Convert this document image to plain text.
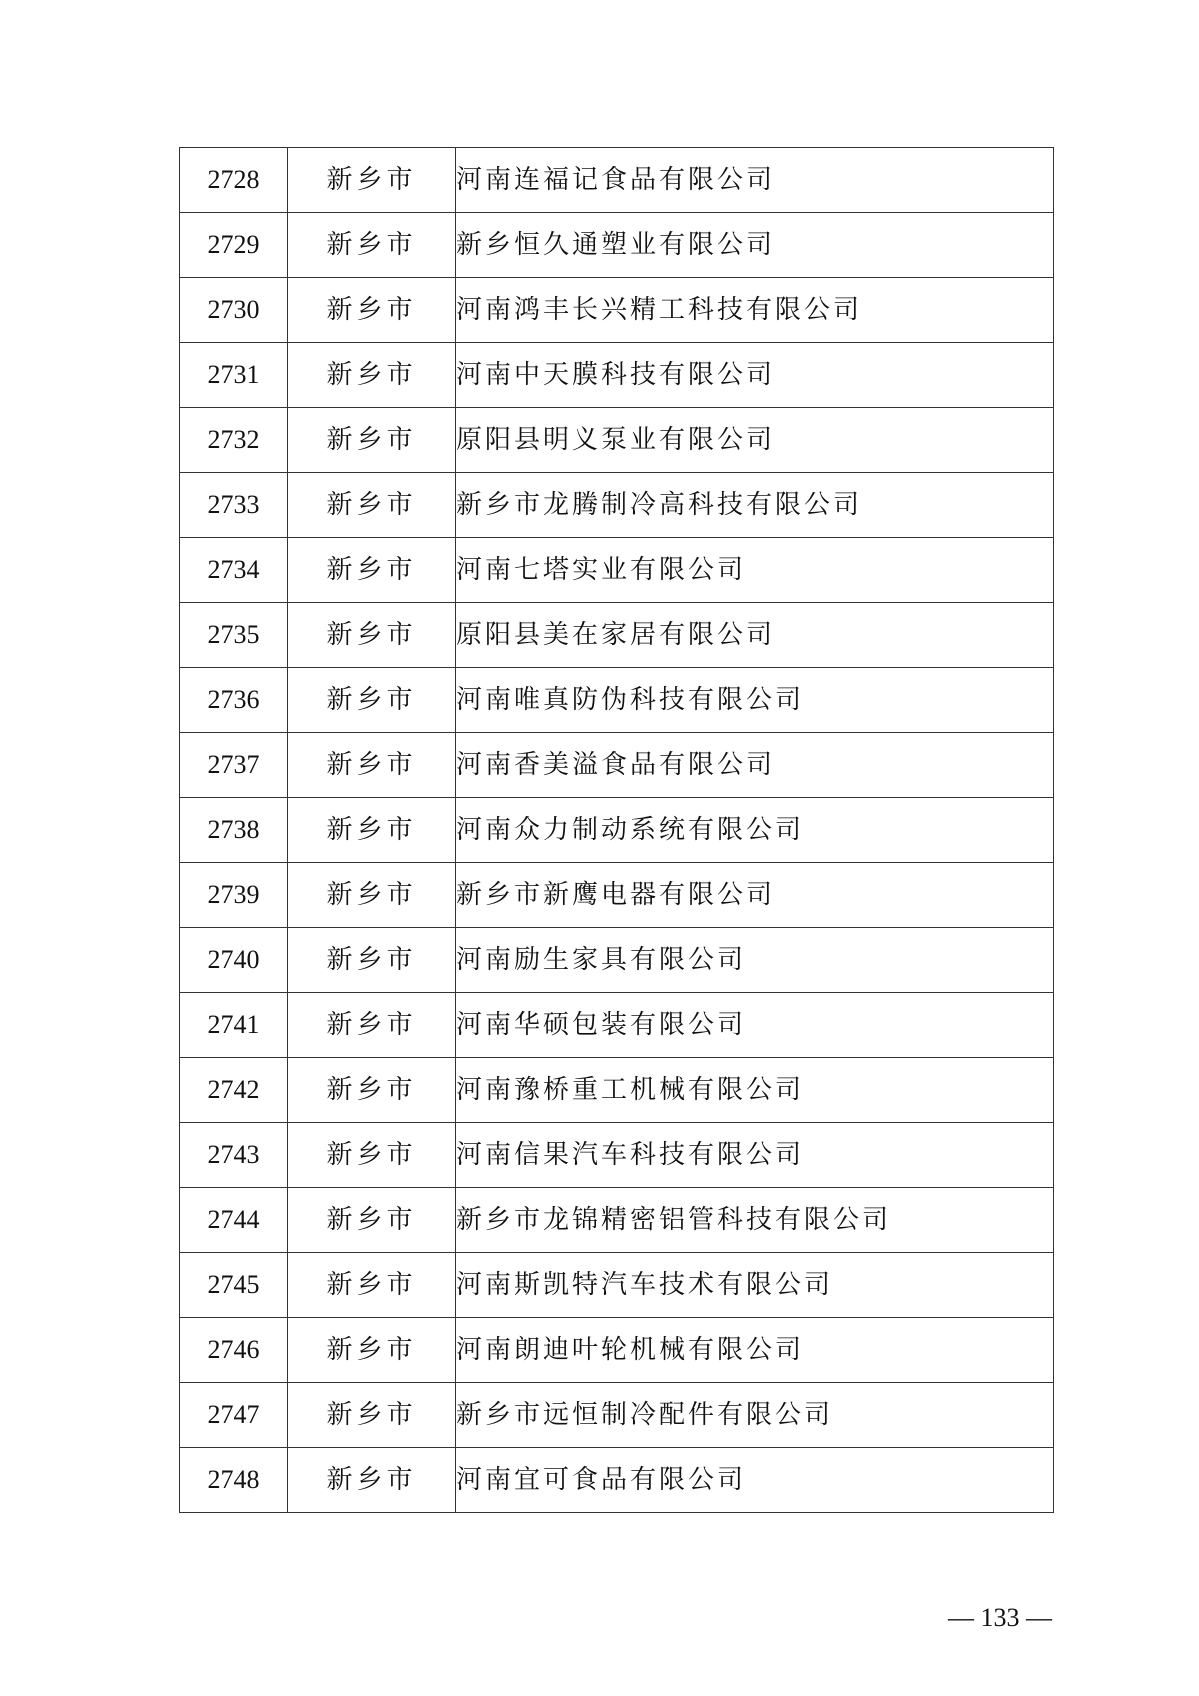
2728	新乡市	河南连福记食品有限公司
2729	新乡市	新乡恒久通塑业有限公司
2730	新乡市	河南鸿丰长兴精工科技有限公司
2731	新乡市	河南中天膜科技有限公司
2732	新乡市	原阳县明义泵业有限公司
2733	新乡市	新乡市龙腾制冷高科技有限公司
2734	新乡市	河南七塔实业有限公司
2735	新乡市	原阳县美在家居有限公司
2736	新乡市	河南唯真防伪科技有限公司
2737	新乡市	河南香美溢食品有限公司
2738	新乡市	河南众力制动系统有限公司
2739	新乡市	新乡市新鹰电器有限公司
2740	新乡市	河南励生家具有限公司
2741	新乡市	河南华硕包装有限公司
2742	新乡市	河南豫桥重工机械有限公司
2743	新乡市	河南信果汽车科技有限公司
2744	新乡市	新乡市龙锦精密铝管科技有限公司
2745	新乡市	河南斯凯特汽车技术有限公司
2746	新乡市	河南朗迪叶轮机械有限公司
2747	新乡市	新乡市远恒制冷配件有限公司
2748	新乡市	河南宜可食品有限公司
— 133 —
